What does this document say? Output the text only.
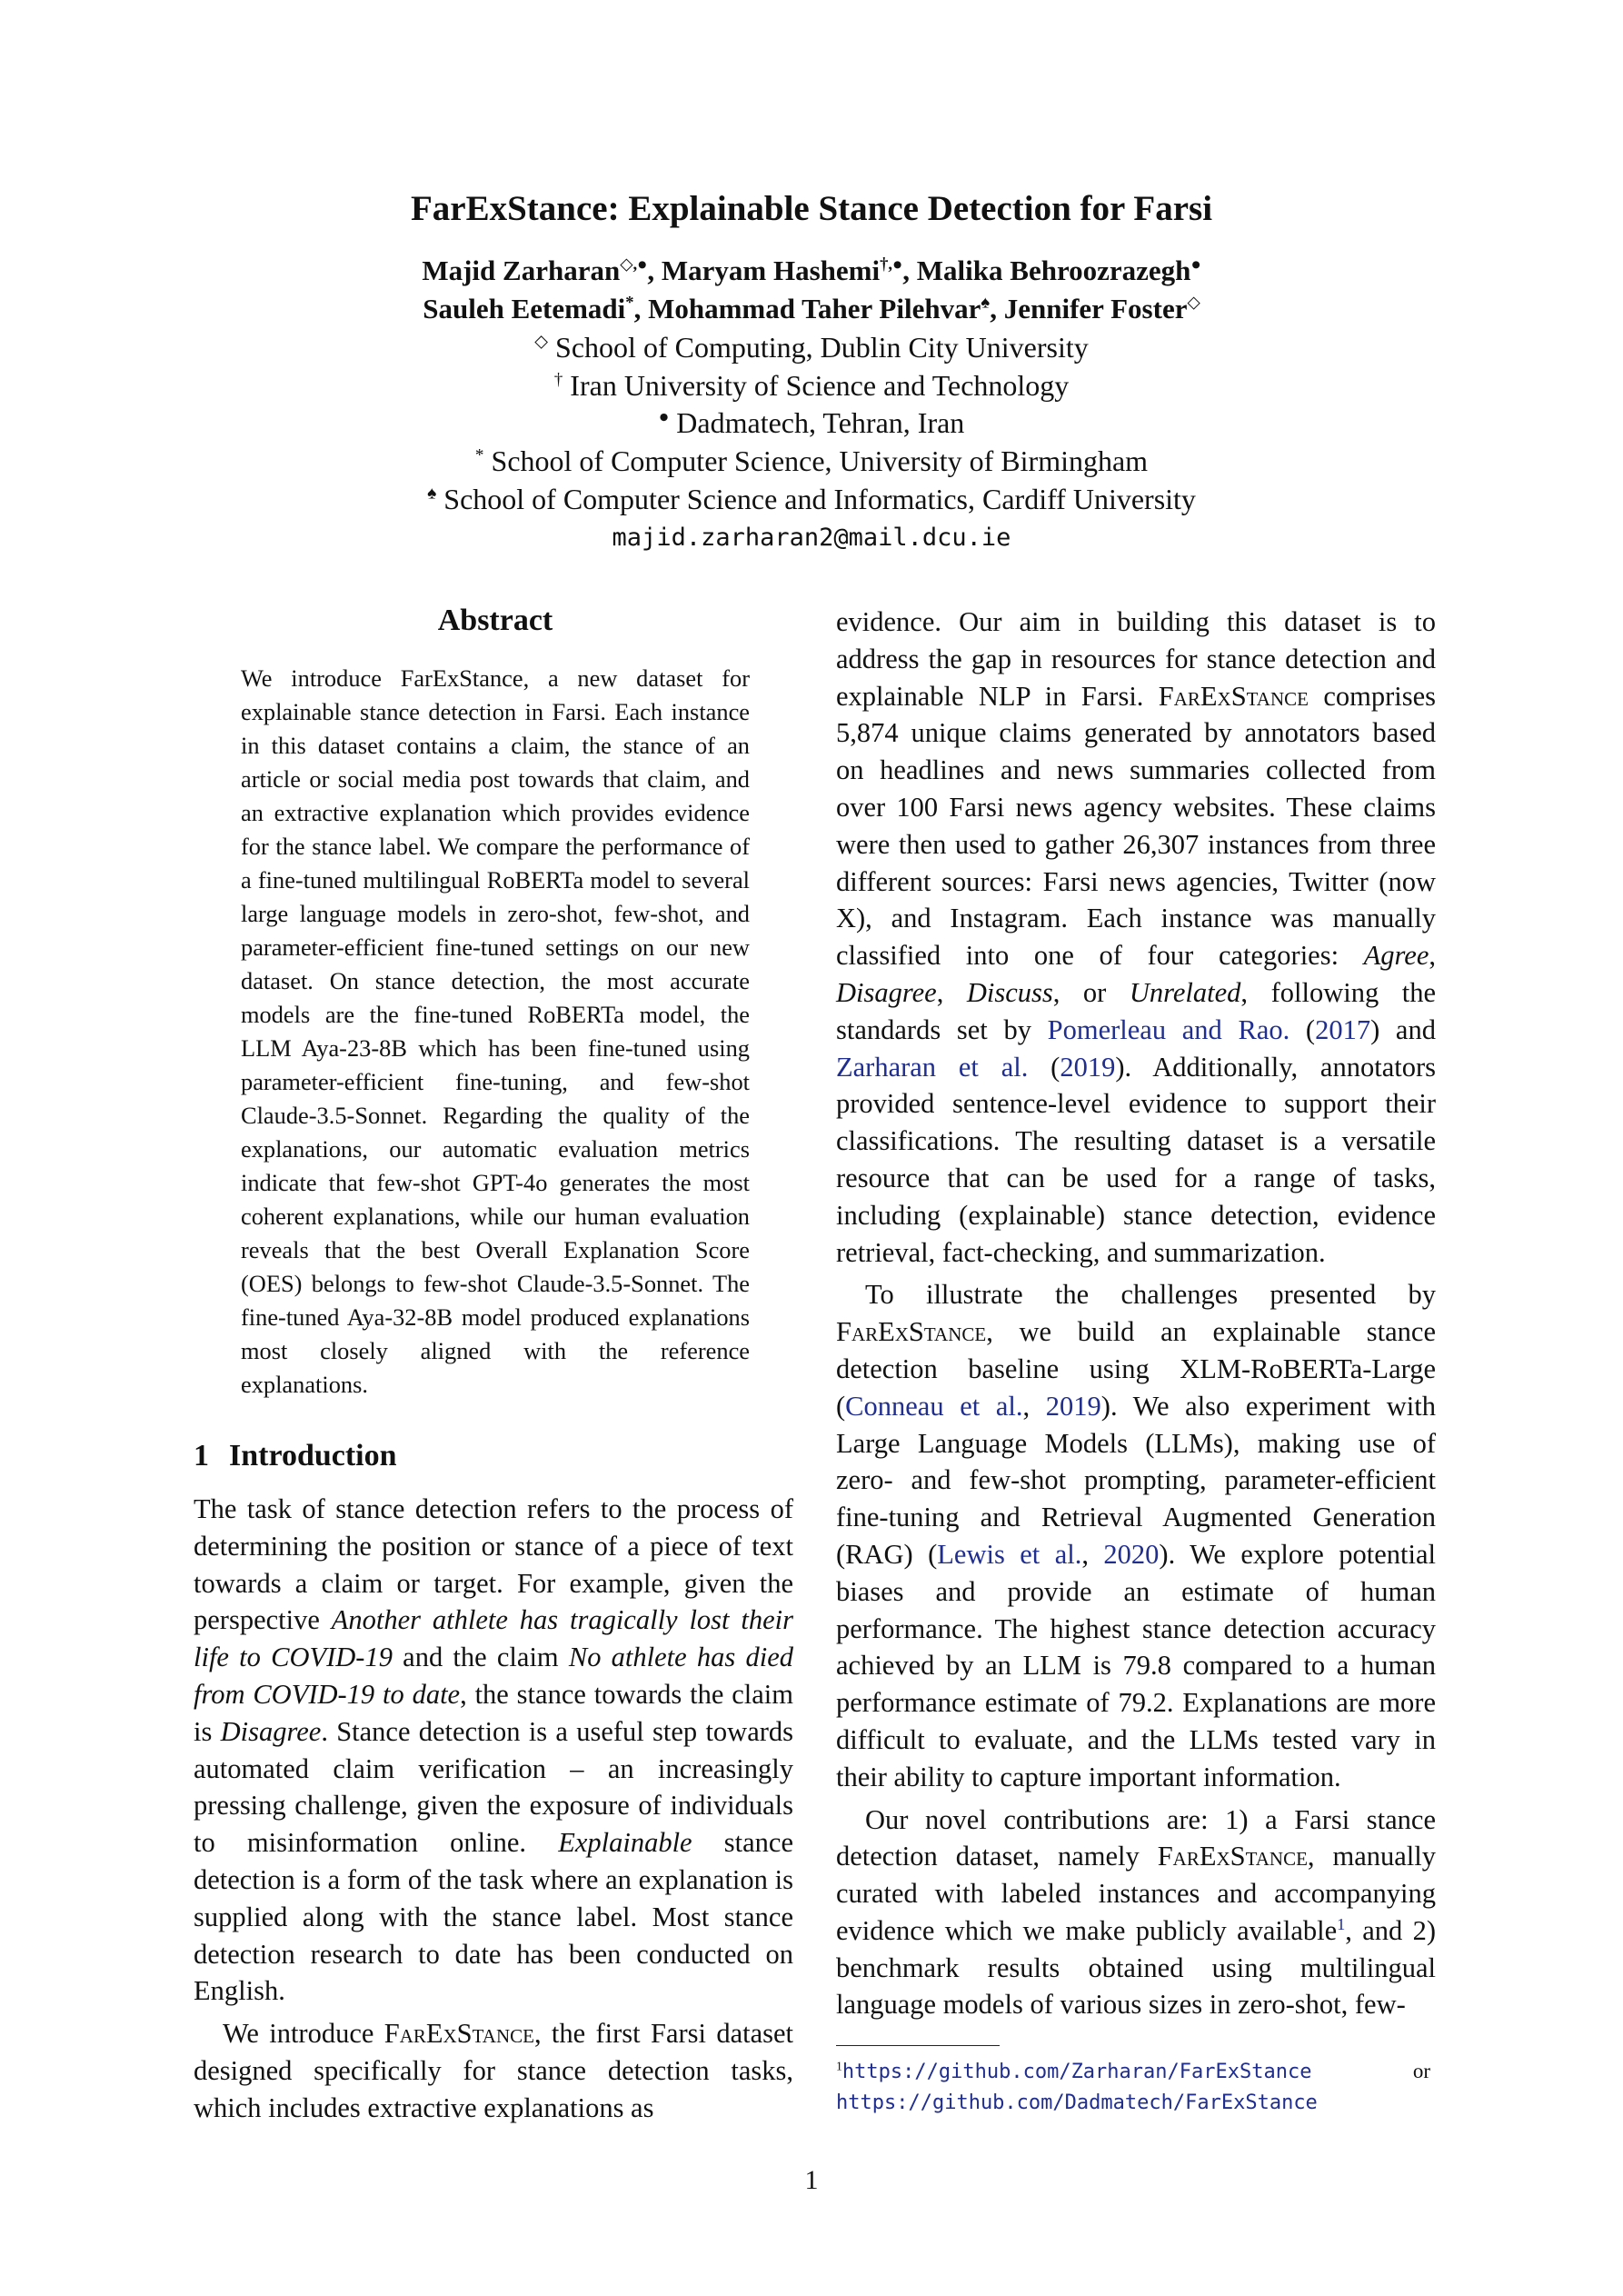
FarExStance: Explainable Stance Detection for Farsi
Majid Zarharan◇,●, Maryam Hashemi†,●, Malika Behroozrazegh●
Sauleh Eetemadi*, Mohammad Taher Pilehvar♠, Jennifer Foster◇
◇ School of Computing, Dublin City University
† Iran University of Science and Technology
● Dadmatech, Tehran, Iran
* School of Computer Science, University of Birmingham
♠ School of Computer Science and Informatics, Cardiff University
majid.zarharan2@mail.dcu.ie
Abstract

We introduce FarExStance, a new dataset for explainable stance detection in Farsi. Each instance in this dataset contains a claim, the stance of an article or social media post towards that claim, and an extractive explanation which provides evidence for the stance label. We compare the performance of a fine-tuned multilingual RoBERTa model to several large language models in zero-shot, few-shot, and parameter-efficient fine-tuned settings on our new dataset. On stance detection, the most accurate models are the fine-tuned RoBERTa model, the LLM Aya-23-8B which has been fine-tuned using parameter-efficient fine-tuning, and few-shot Claude-3.5-Sonnet. Regarding the quality of the explanations, our automatic evaluation metrics indicate that few-shot GPT-4o generates the most coherent explanations, while our human evaluation reveals that the best Overall Explanation Score (OES) belongs to few-shot Claude-3.5-Sonnet. The fine-tuned Aya-32-8B model produced explanations most closely aligned with the reference explanations.

1 Introduction

The task of stance detection refers to the process of determining the position or stance of a piece of text towards a claim or target. For example, given the perspective Another athlete has tragically lost their life to COVID-19 and the claim No athlete has died from COVID-19 to date, the stance towards the claim is Disagree. Stance detection is a useful step towards automated claim verification – an increasingly pressing challenge, given the exposure of individuals to misinformation online. Explainable stance detection is a form of the task where an explanation is supplied along with the stance label. Most stance detection research to date has been conducted on English.

We introduce FarExStance, the first Farsi dataset designed specifically for stance detection tasks, which includes extractive explanations as

evidence. Our aim in building this dataset is to address the gap in resources for stance detection and explainable NLP in Farsi. FarExStance comprises 5,874 unique claims generated by annotators based on headlines and news summaries collected from over 100 Farsi news agency websites. These claims were then used to gather 26,307 instances from three different sources: Farsi news agencies, Twitter (now X), and Instagram. Each instance was manually classified into one of four categories: Agree, Disagree, Discuss, or Unrelated, following the standards set by Pomerleau and Rao. (2017) and Zarharan et al. (2019). Additionally, annotators provided sentence-level evidence to support their classifications. The resulting dataset is a versatile resource that can be used for a range of tasks, including (explainable) stance detection, evidence retrieval, fact-checking, and summarization.

To illustrate the challenges presented by FarExStance, we build an explainable stance detection baseline using XLM-RoBERTa-Large (Conneau et al., 2019). We also experiment with Large Language Models (LLMs), making use of zero- and few-shot prompting, parameter-efficient fine-tuning and Retrieval Augmented Generation (RAG) (Lewis et al., 2020). We explore potential biases and provide an estimate of human performance. The highest stance detection accuracy achieved by an LLM is 79.8 compared to a human performance estimate of 79.2. Explanations are more difficult to evaluate, and the LLMs tested vary in their ability to capture important information.

Our novel contributions are: 1) a Farsi stance detection dataset, namely FarExStance, manually curated with labeled instances and accompanying evidence which we make publicly available$^1$, and 2) benchmark results obtained using multilingual language models of various sizes in zero-shot, few-

$^1$https://github.com/Zarharan/FarExStance	or
https://github.com/Dadmatech/FarExStance
1
